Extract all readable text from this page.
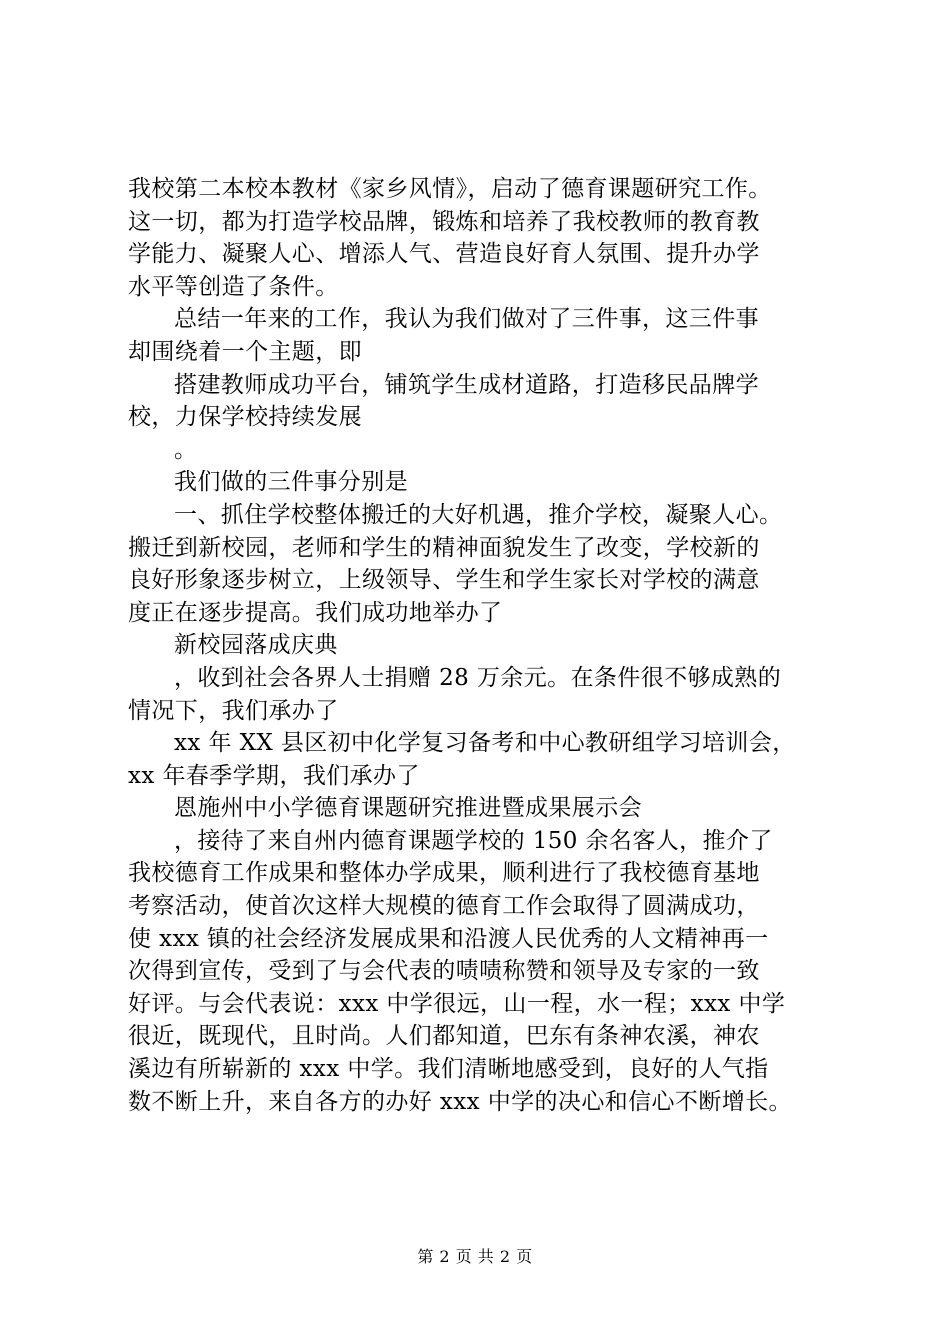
我校第二本校本教材《家乡风情》，启动了德育课题研究工作。
这一切，都为打造学校品牌，锻炼和培养了我校教师的教育教
学能力、凝聚人心、增添人气、营造良好育人氛围、提升办学
水平等创造了条件。
总结一年来的工作，我认为我们做对了三件事，这三件事
却围绕着一个主题，即
搭建教师成功平台，铺筑学生成材道路，打造移民品牌学
校，力保学校持续发展
。
我们做的三件事分别是
一、抓住学校整体搬迁的大好机遇，推介学校，凝聚人心。
搬迁到新校园，老师和学生的精神面貌发生了改变，学校新的
良好形象逐步树立，上级领导、学生和学生家长对学校的满意
度正在逐步提高。我们成功地举办了
新校园落成庆典
，收到社会各界人士捐赠 28 万余元。在条件很不够成熟的
情况下，我们承办了
xx 年 XX 县区初中化学复习备考和中心教研组学习培训会，
xx 年春季学期，我们承办了
恩施州中小学德育课题研究推进暨成果展示会
，接待了来自州内德育课题学校的 150 余名客人，推介了
我校德育工作成果和整体办学成果，顺利进行了我校德育基地
考察活动，使首次这样大规模的德育工作会取得了圆满成功，
使 xxx 镇的社会经济发展成果和沿渡人民优秀的人文精神再一
次得到宣传，受到了与会代表的啧啧称赞和领导及专家的一致
好评。与会代表说：xxx 中学很远，山一程，水一程；xxx 中学
很近，既现代，且时尚。人们都知道，巴东有条神农溪，神农
溪边有所崭新的 xxx 中学。我们清晰地感受到，良好的人气指
数不断上升，来自各方的办好 xxx 中学的决心和信心不断增长。
第 2 页 共 2 页
